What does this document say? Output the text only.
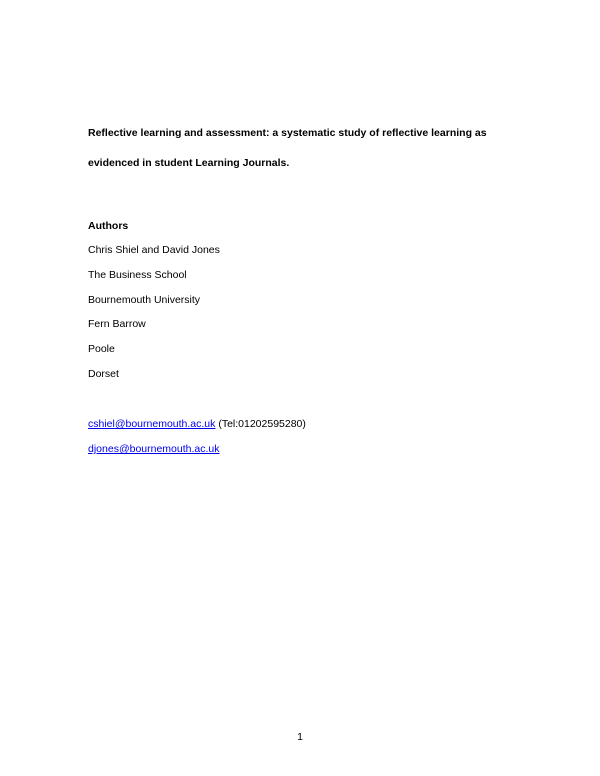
Reflective learning and assessment: a systematic study of reflective learning as
evidenced in student Learning Journals.
Authors
Chris Shiel and David Jones
The Business School
Bournemouth University
Fern Barrow
Poole
Dorset
cshiel@bournemouth.ac.uk (Tel:01202595280)
djones@bournemouth.ac.uk
1
